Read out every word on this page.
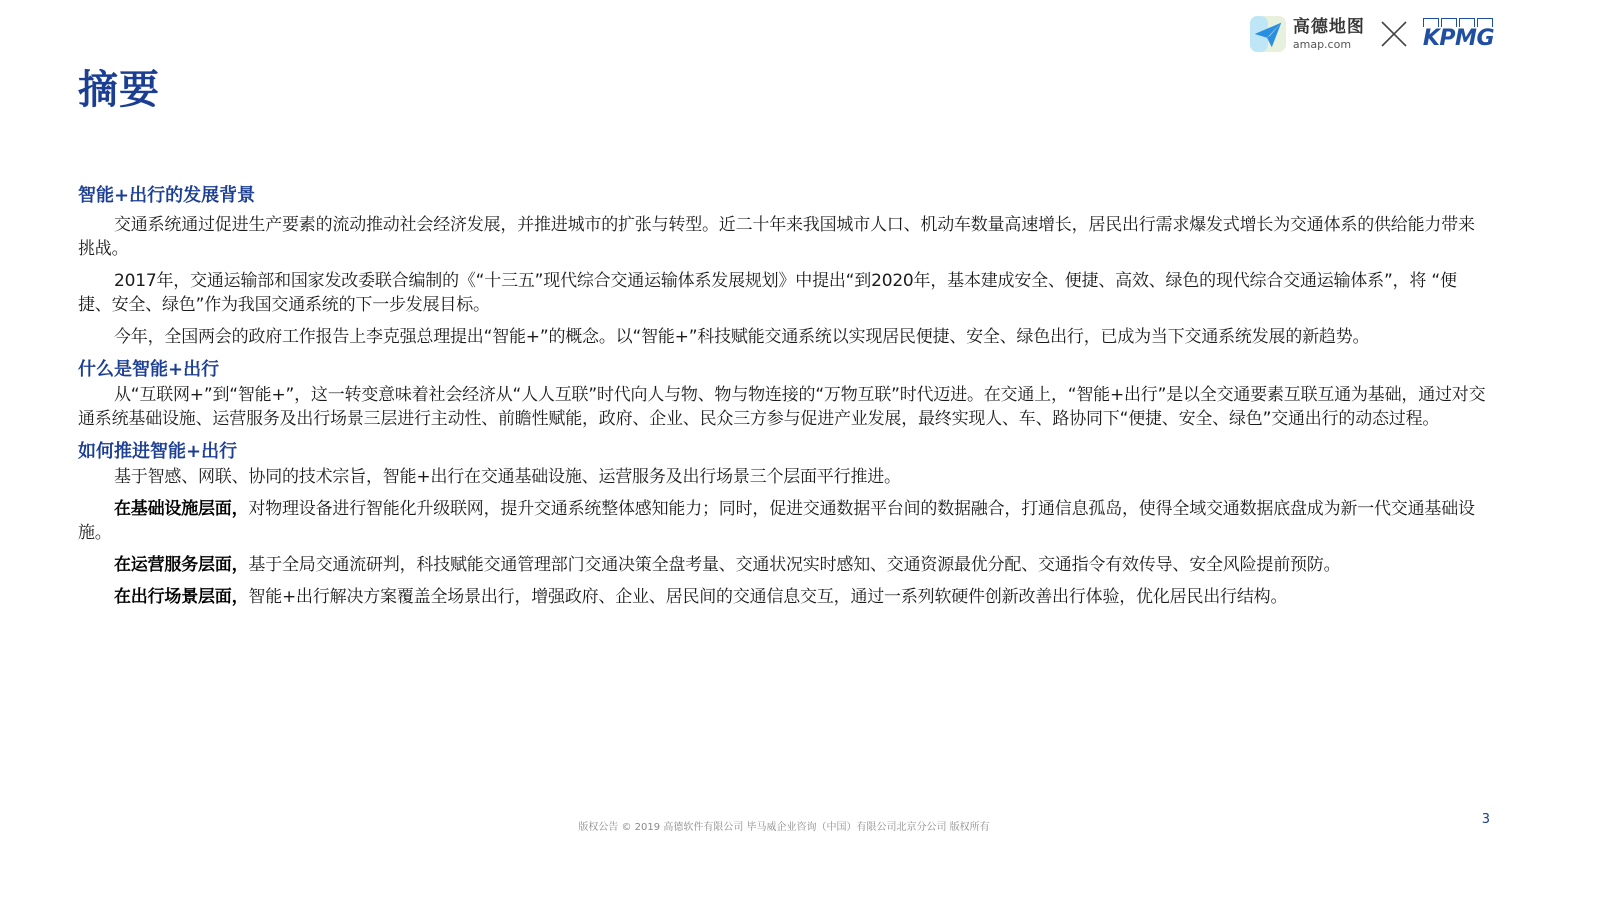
摘要
高德地图
amap.com	KPMG
智能+出行的发展背景

交通系统通过促进生产要素的流动推动社会经济发展，并推进城市的扩张与转型。近二十年来我国城市人口、机动车数量高速增长，居民出行需求爆发式增长为交通体系的供给能力带来挑战。

2017年，交通运输部和国家发改委联合编制的《“十三五”现代综合交通运输体系发展规划》中提出“到2020年，基本建成安全、便捷、高效、绿色的现代综合交通运输体系”，将 “便捷、安全、绿色”作为我国交通系统的下一步发展目标。

今年，全国两会的政府工作报告上李克强总理提出“智能+”的概念。以“智能+”科技赋能交通系统以实现居民便捷、安全、绿色出行，已成为当下交通系统发展的新趋势。

什么是智能+出行

从“互联网+”到“智能+”，这一转变意味着社会经济从“人人互联”时代向人与物、物与物连接的“万物互联”时代迈进。在交通上，“智能+出行”是以全交通要素互联互通为基础，通过对交通系统基础设施、运营服务及出行场景三层进行主动性、前瞻性赋能，政府、企业、民众三方参与促进产业发展，最终实现人、车、路协同下“便捷、安全、绿色”交通出行的动态过程。

如何推进智能+出行

基于智感、网联、协同的技术宗旨，智能+出行在交通基础设施、运营服务及出行场景三个层面平行推进。

在基础设施层面，对物理设备进行智能化升级联网，提升交通系统整体感知能力；同时，促进交通数据平台间的数据融合，打通信息孤岛，使得全域交通数据底盘成为新一代交通基础设施。

在运营服务层面，基于全局交通流研判，科技赋能交通管理部门交通决策全盘考量、交通状况实时感知、交通资源最优分配、交通指令有效传导、安全风险提前预防。

在出行场景层面，智能+出行解决方案覆盖全场景出行，增强政府、企业、居民间的交通信息交互，通过一系列软硬件创新改善出行体验，优化居民出行结构。

版权公告 © 2019 高德软件有限公司 毕马威企业咨询（中国）有限公司北京分公司 版权所有
3
